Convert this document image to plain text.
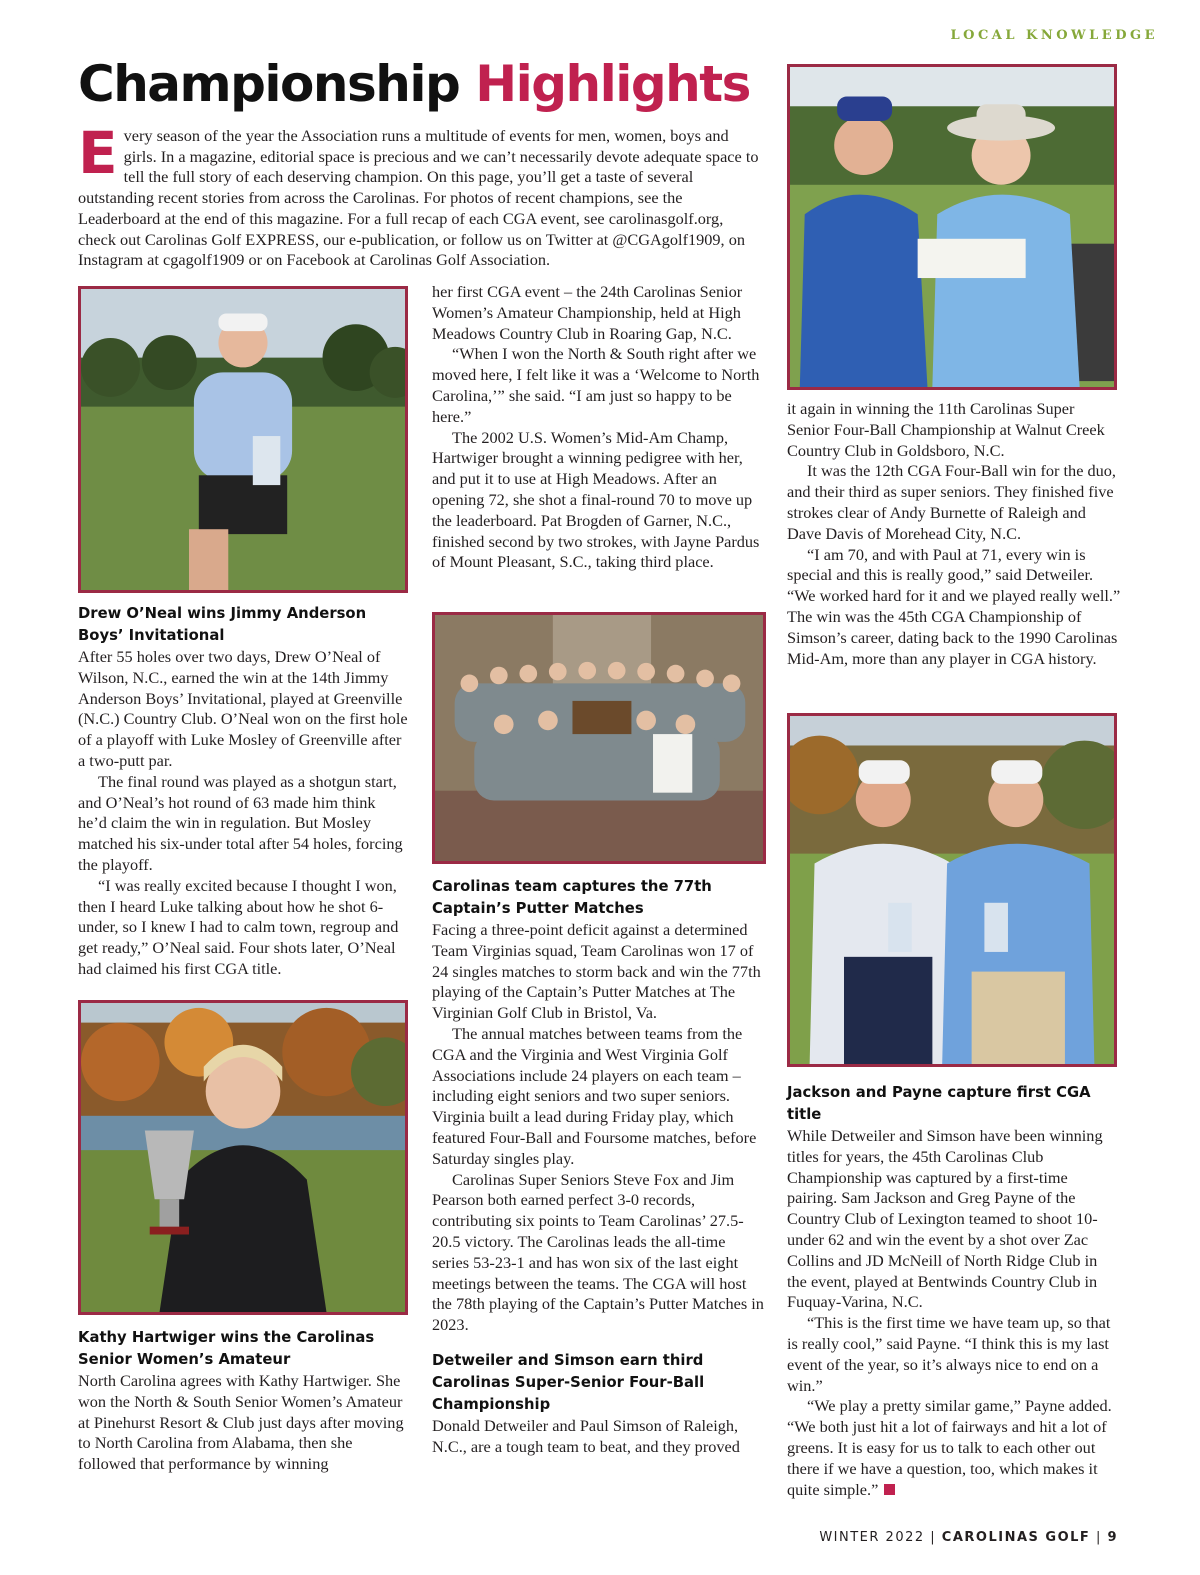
LOCAL KNOWLEDGE
Championship Highlights
E very season of the year the Association runs a multitude of events for men, women, boys and girls. In a magazine, editorial space is precious and we can’t necessarily devote adequate space to tell the full story of each deserving champion. On this page, you’ll get a taste of several outstanding recent stories from across the Carolinas. For photos of recent champions, see the Leaderboard at the end of this magazine. For a full recap of each CGA event, see carolinasgolf.org, check out Carolinas Golf EXPRESS, our e-publication, or follow us on Twitter at @CGAgolf1909, on Instagram at cgagolf1909 or on Facebook at Carolinas Golf Association.

Drew O’Neal wins Jimmy Anderson Boys’ Invitational

After 55 holes over two days, Drew O’Neal of Wilson, N.C., earned the win at the 14th Jimmy Anderson Boys’ Invitational, played at Greenville (N.C.) Country Club. O’Neal won on the first hole of a playoff with Luke Mosley of Greenville after a two-putt par.

The final round was played as a shotgun start, and O’Neal’s hot round of 63 made him think he’d claim the win in regulation. But Mosley matched his six-under total after 54 holes, forcing the playoff.

“I was really excited because I thought I won, then I heard Luke talking about how he shot 6-under, so I knew I had to calm town, regroup and get ready,” O’Neal said. Four shots later, O’Neal had claimed his first CGA title.

Kathy Hartwiger wins the Carolinas Senior Women’s Amateur

North Carolina agrees with Kathy Hartwiger. She won the North & South Senior Women’s Amateur at Pinehurst Resort & Club just days after moving to North Carolina from Alabama, then she followed that performance by winning

her first CGA event – the 24th Carolinas Senior Women’s Amateur Championship, held at High Meadows Country Club in Roaring Gap, N.C.

“When I won the North & South right after we moved here, I felt like it was a ‘Welcome to North Carolina,’” she said. “I am just so happy to be here.”

The 2002 U.S. Women’s Mid-Am Champ, Hartwiger brought a winning pedigree with her, and put it to use at High Meadows. After an opening 72, she shot a final-round 70 to move up the leaderboard. Pat Brogden of Garner, N.C., finished second by two strokes, with Jayne Pardus of Mount Pleasant, S.C., taking third place.

Carolinas team captures the 77th Captain’s Putter Matches

Facing a three-point deficit against a determined Team Virginias squad, Team Carolinas won 17 of 24 singles matches to storm back and win the 77th playing of the Captain’s Putter Matches at The Virginian Golf Club in Bristol, Va.

The annual matches between teams from the CGA and the Virginia and West Virginia Golf Associations include 24 players on each team – including eight seniors and two super seniors. Virginia built a lead during Friday play, which featured Four-Ball and Foursome matches, before Saturday singles play.

Carolinas Super Seniors Steve Fox and Jim Pearson both earned perfect 3-0 records, contributing six points to Team Carolinas’ 27.5-20.5 victory. The Carolinas leads the all-time series 53-23-1 and has won six of the last eight meetings between the teams. The CGA will host the 78th playing of the Captain’s Putter Matches in 2023.

Detweiler and Simson earn third Carolinas Super-Senior Four-Ball Championship

Donald Detweiler and Paul Simson of Raleigh, N.C., are a tough team to beat, and they proved

it again in winning the 11th Carolinas Super Senior Four-Ball Championship at Walnut Creek Country Club in Goldsboro, N.C.

It was the 12th CGA Four-Ball win for the duo, and their third as super seniors. They finished five strokes clear of Andy Burnette of Raleigh and Dave Davis of Morehead City, N.C.

“I am 70, and with Paul at 71, every win is special and this is really good,” said Detweiler. “We worked hard for it and we played really well.” The win was the 45th CGA Championship of Simson’s career, dating back to the 1990 Carolinas Mid-Am, more than any player in CGA history.

Jackson and Payne capture first CGA title

While Detweiler and Simson have been winning titles for years, the 45th Carolinas Club Championship was captured by a first-time pairing. Sam Jackson and Greg Payne of the Country Club of Lexington teamed to shoot 10-under 62 and win the event by a shot over Zac Collins and JD McNeill of North Ridge Club in the event, played at Bentwinds Country Club in Fuquay-Varina, N.C.

“This is the first time we have team up, so that is really cool,” said Payne. “I think this is my last event of the year, so it’s always nice to end on a win.”

“We play a pretty similar game,” Payne added. “We both just hit a lot of fairways and hit a lot of greens. It is easy for us to talk to each other out there if we have a question, too, which makes it quite simple.”

WINTER 2022 | CAROLINAS GOLF | 9
